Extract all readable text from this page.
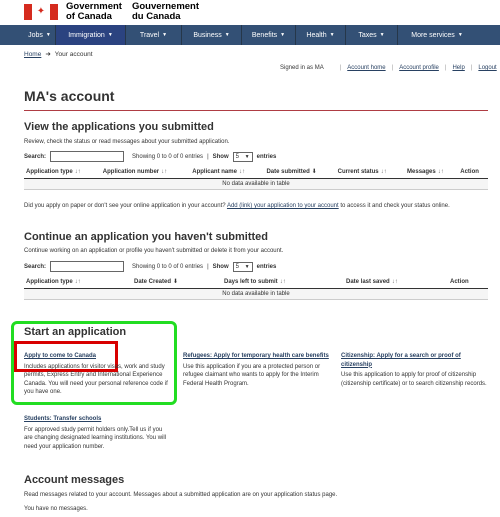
✦	Government
of Canada
Gouvernement
du Canada
Jobs ▼ Immigration ▼	Travel ▼	Business ▼	Benefits ▼	Health ▼	Taxes ▼	More services ▼
Home ➜ Your account
Signed in as MA	| Account home | Account profile | Help | Logout
MA's account
View the applications you submitted
Review, check the status or read messages about your submitted application.
Search:	Showing 0 to 0 of 0 entries | Show 5 ▼ entries
Application type ↓↑	Application number ↓↑	Applicant name ↓↑	Date submitted ⬇	Current status ↓↑	Messages ↓↑	Action
No data available in table
Did you apply on paper or don't see your online application in your account? Add (link) your application to your account to access it and check your status online.
Continue an application you haven't submitted
Continue working on an application or profile you haven't submitted or delete it from your account.
Search:	Showing 0 to 0 of 0 entries | Show 5 ▼ entries
Application type ↓↑	Date Created ⬇	Days left to submit ↓↑	Date last saved ↓↑	Action
No data available in table
Start an application
Apply to come to Canada
Includes applications for visitor visas, work and study permits, Express Entry and International Experience Canada. You will need your personal reference code if you have one.
Refugees: Apply for temporary health care benefits
Use this application if you are a protected person or refugee claimant who wants to apply for the Interim Federal Health Program.
Citizenship: Apply for a search or proof of citizenship
Use this application to apply for proof of citizenship (citizenship certificate) or to search citizenship records.
Students: Transfer schools
For approved study permit holders only.Tell us if you are changing designated learning institutions. You will need your application number.
Account messages
Read messages related to your account. Messages about a submitted application are on your application status page.
You have no messages.
